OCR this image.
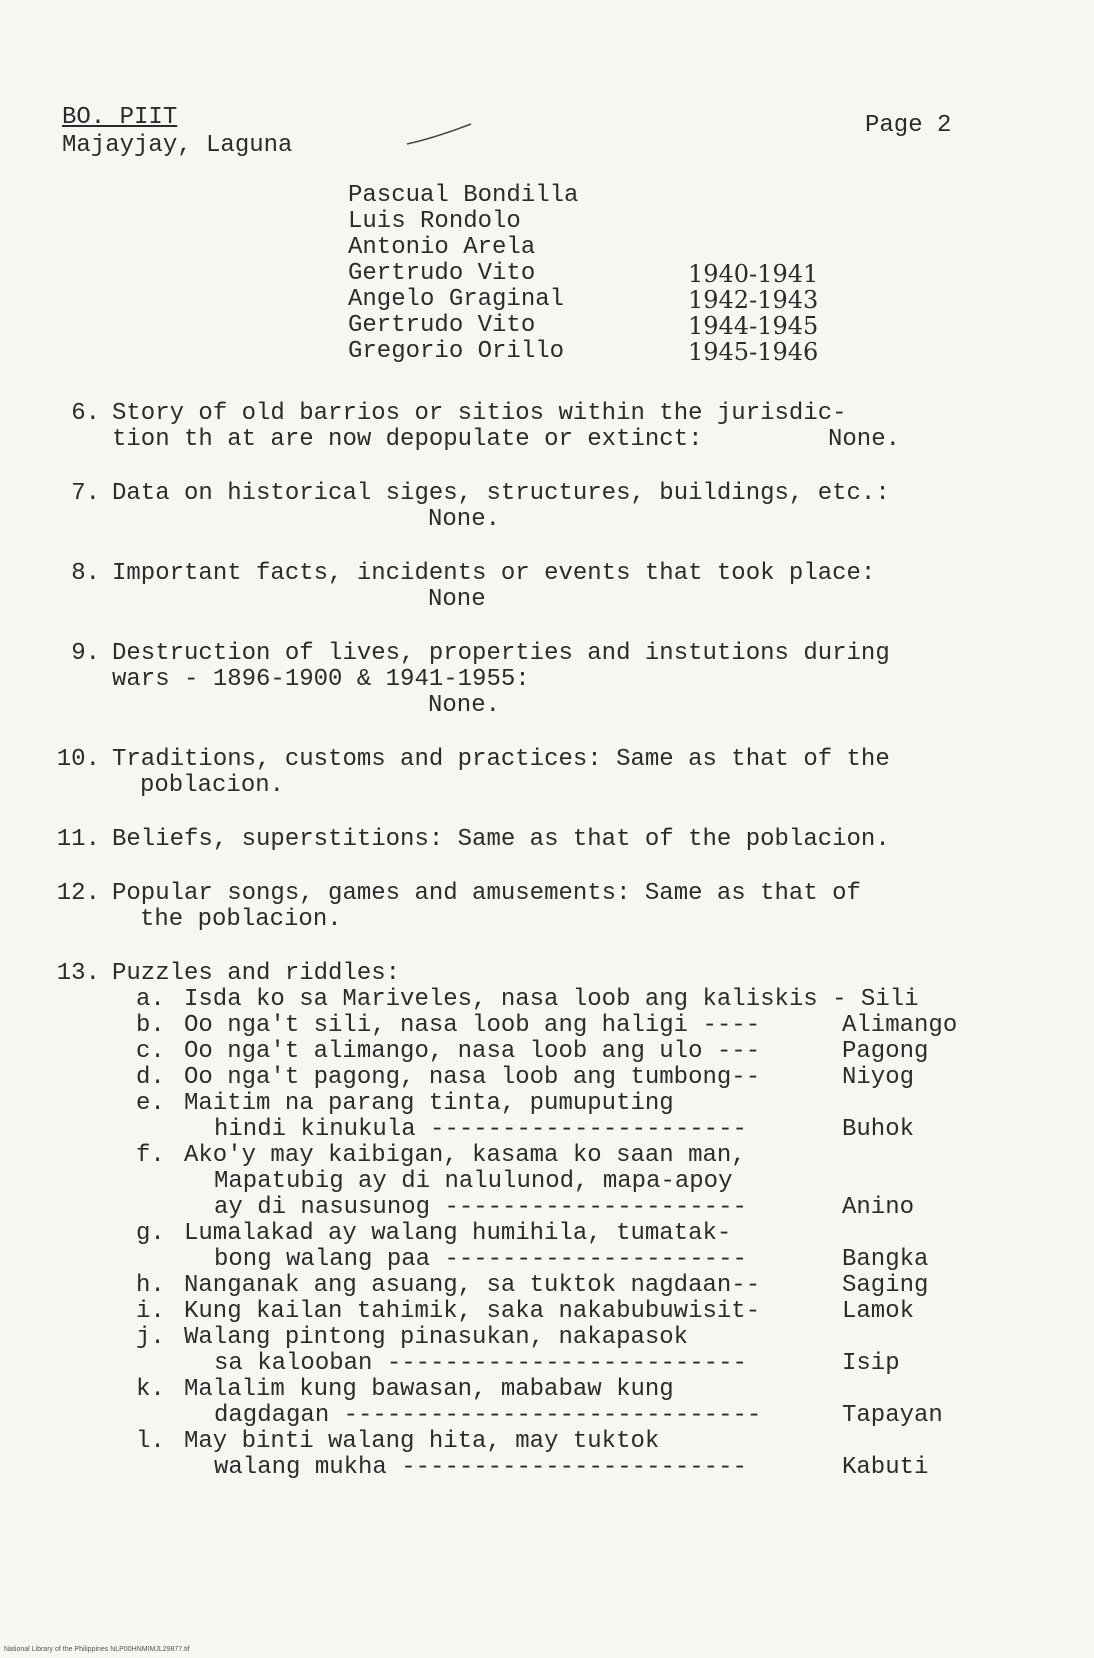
BO. PIIT
Majayjay, Laguna
Page 2
Pascual Bondilla
Luis Rondolo
Antonio Arela
Gertrudo Vito	1940-1941
Angelo Graginal	1942-1943
Gertrudo Vito	1944-1945
Gregorio Orillo	1945-1946
6. Story of old barrios or sitios within the jurisdic-
tion th at are now depopulate or extinct:	None.
7. Data on historical siges, structures, buildings, etc.:
None.
8. Important facts, incidents or events that took place:
None
9. Destruction of lives, properties and instutions during
wars - 1896-1900 & 1941-1955:
None.
10. Traditions, customs and practices: Same as that of the
poblacion.
11. Beliefs, superstitions: Same as that of the poblacion.
12. Popular songs, games and amusements: Same as that of
the poblacion.
13. Puzzles and riddles:
a. Isda ko sa Mariveles, nasa loob ang kaliskis - Sili
b. Oo nga't sili, nasa loob ang haligi ----	Alimango
c. Oo nga't alimango, nasa loob ang ulo ---	Pagong
d. Oo nga't pagong, nasa loob ang tumbong--	Niyog
e. Maitim na parang tinta, pumuputing
hindi kinukula ----------------------	Buhok
f. Ako'y may kaibigan, kasama ko saan man,
Mapatubig ay di nalulunod, mapa-apoy
ay di nasusunog ---------------------	Anino
g. Lumalakad ay walang humihila, tumatak-
bong walang paa ---------------------	Bangka
h. Nanganak ang asuang, sa tuktok nagdaan--	Saging
i. Kung kailan tahimik, saka nakabubuwisit-	Lamok
j. Walang pintong pinasukan, nakapasok
sa kalooban -------------------------	Isip
k. Malalim kung bawasan, mababaw kung
dagdagan -----------------------------	Tapayan
l. May binti walang hita, may tuktok
walang mukha ------------------------	Kabuti
National Library of the Philippines NLP00HNMIMJL29877.tif
